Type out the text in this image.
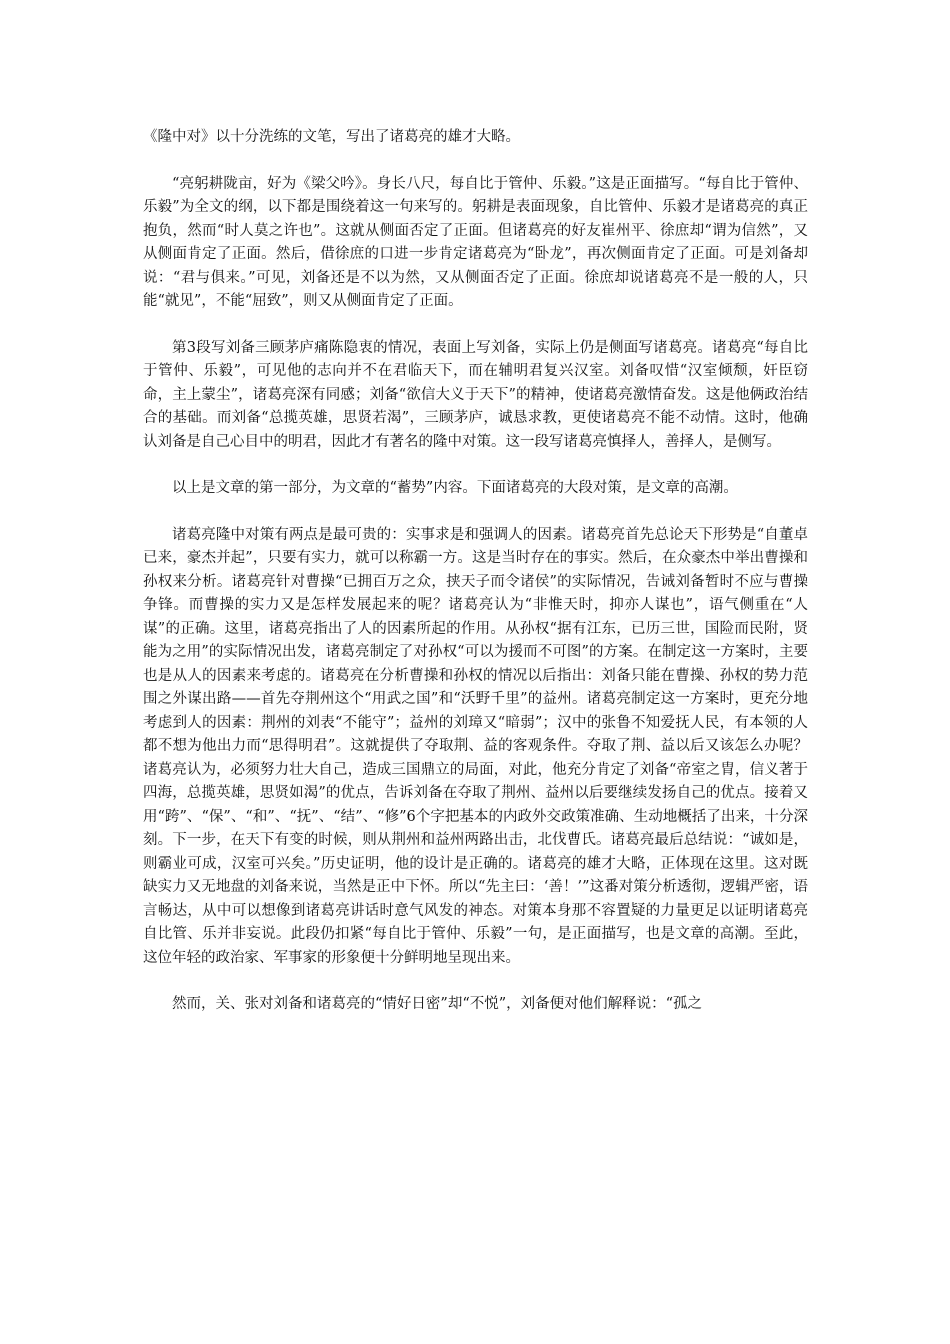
《隆中对》以十分洗练的文笔，写出了诸葛亮的雄才大略。

“亮躬耕陇亩，好为《梁父吟》。身长八尺，每自比于管仲、乐毅。”这是正面描写。“每自比于管仲、乐毅”为全文的纲，以下都是围绕着这一句来写的。躬耕是表面现象，自比管仲、乐毅才是诸葛亮的真正抱负，然而“时人莫之许也”。这就从侧面否定了正面。但诸葛亮的好友崔州平、徐庶却“谓为信然”，又从侧面肯定了正面。然后，借徐庶的口进一步肯定诸葛亮为“卧龙”，再次侧面肯定了正面。可是刘备却说：“君与俱来。”可见，刘备还是不以为然，又从侧面否定了正面。徐庶却说诸葛亮不是一般的人，只能“就见”，不能“屈致”，则又从侧面肯定了正面。

第3段写刘备三顾茅庐痛陈隐衷的情况，表面上写刘备，实际上仍是侧面写诸葛亮。诸葛亮“每自比于管仲、乐毅”，可见他的志向并不在君临天下，而在辅明君复兴汉室。刘备叹惜“汉室倾颓，奸臣窃命，主上蒙尘”，诸葛亮深有同感；刘备“欲信大义于天下”的精神，使诸葛亮激情奋发。这是他俩政治结合的基础。而刘备“总揽英雄，思贤若渴”，三顾茅庐，诚恳求教，更使诸葛亮不能不动情。这时，他确认刘备是自己心目中的明君，因此才有著名的隆中对策。这一段写诸葛亮慎择人，善择人，是侧写。

以上是文章的第一部分，为文章的“蓄势”内容。下面诸葛亮的大段对策，是文章的高潮。

诸葛亮隆中对策有两点是最可贵的：实事求是和强调人的因素。诸葛亮首先总论天下形势是“自董卓已来，豪杰并起”，只要有实力，就可以称霸一方。这是当时存在的事实。然后，在众豪杰中举出曹操和孙权来分析。诸葛亮针对曹操“已拥百万之众，挟天子而令诸侯”的实际情况，告诫刘备暂时不应与曹操争锋。而曹操的实力又是怎样发展起来的呢？诸葛亮认为“非惟天时，抑亦人谋也”，语气侧重在“人谋”的正确。这里，诸葛亮指出了人的因素所起的作用。从孙权“据有江东，已历三世，国险而民附，贤能为之用”的实际情况出发，诸葛亮制定了对孙权“可以为援而不可图”的方案。在制定这一方案时，主要也是从人的因素来考虑的。诸葛亮在分析曹操和孙权的情况以后指出：刘备只能在曹操、孙权的势力范围之外谋出路——首先夺荆州这个“用武之国”和“沃野千里”的益州。诸葛亮制定这一方案时，更充分地考虑到人的因素：荆州的刘表“不能守”；益州的刘璋又“暗弱”；汉中的张鲁不知爱抚人民，有本领的人都不想为他出力而“思得明君”。这就提供了夺取荆、益的客观条件。夺取了荆、益以后又该怎么办呢？诸葛亮认为，必须努力壮大自己，造成三国鼎立的局面，对此，他充分肯定了刘备“帝室之胄，信义著于四海，总揽英雄，思贤如渴”的优点，告诉刘备在夺取了荆州、益州以后要继续发扬自己的优点。接着又用“跨”、“保”、“和”、“抚”、“结”、“修”6个字把基本的内政外交政策准确、生动地概括了出来，十分深刻。下一步，在天下有变的时候，则从荆州和益州两路出击，北伐曹氏。诸葛亮最后总结说：“诚如是，则霸业可成，汉室可兴矣。”历史证明，他的设计是正确的。诸葛亮的雄才大略，正体现在这里。这对既缺实力又无地盘的刘备来说，当然是正中下怀。所以“先主曰：‘善！’”这番对策分析透彻，逻辑严密，语言畅达，从中可以想像到诸葛亮讲话时意气风发的神态。对策本身那不容置疑的力量更足以证明诸葛亮自比管、乐并非妄说。此段仍扣紧“每自比于管仲、乐毅”一句，是正面描写，也是文章的高潮。至此，这位年轻的政治家、军事家的形象便十分鲜明地呈现出来。

然而，关、张对刘备和诸葛亮的“情好日密”却“不悦”，刘备便对他们解释说：“孤之
